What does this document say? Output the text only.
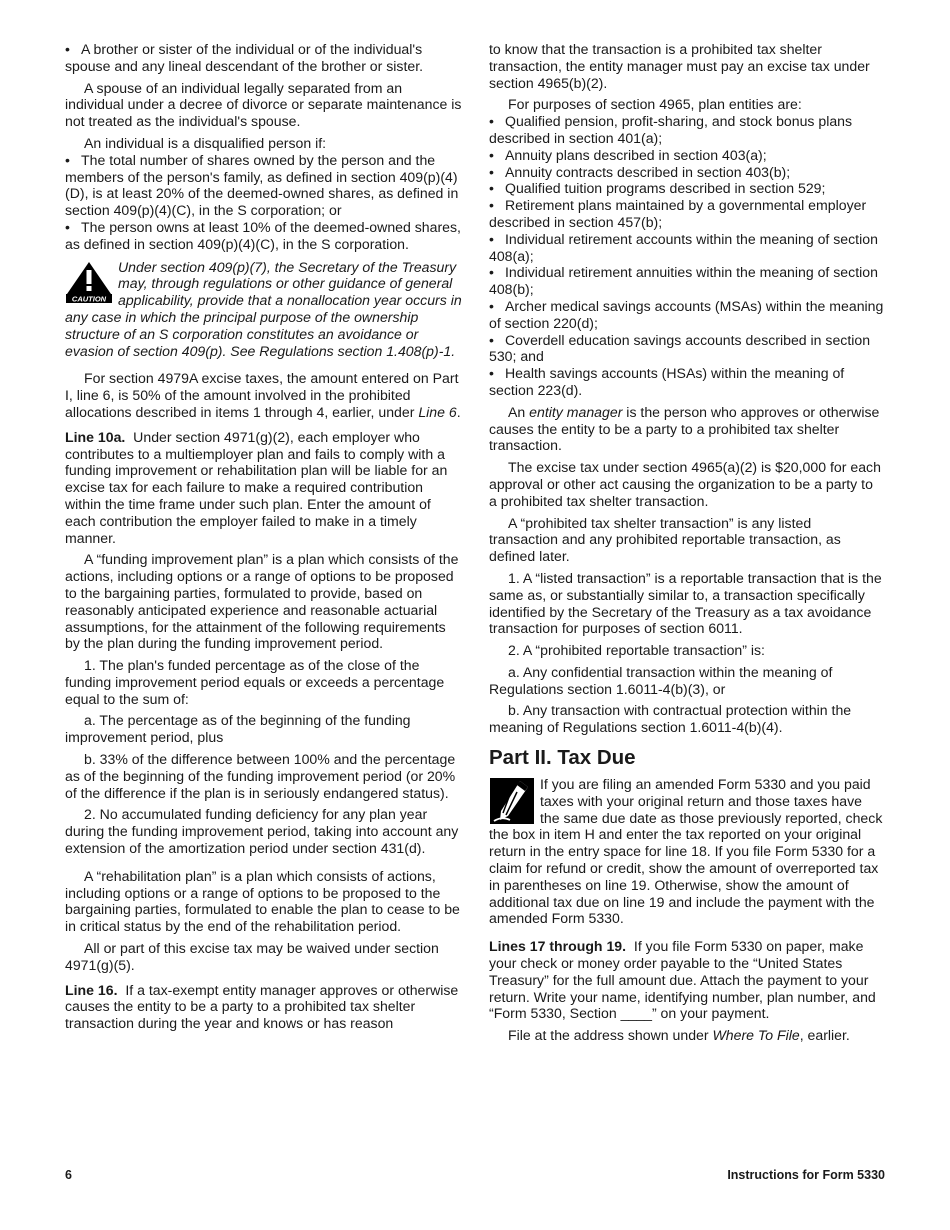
• A brother or sister of the individual or of the individual's spouse and any lineal descendant of the brother or sister.

A spouse of an individual legally separated from an individual under a decree of divorce or separate maintenance is not treated as the individual's spouse.

An individual is a disqualified person if:

• The total number of shares owned by the person and the members of the person's family, as defined in section 409(p)(4)(D), is at least 20% of the deemed-owned shares, as defined in section 409(p)(4)(C), in the S corporation; or

• The person owns at least 10% of the deemed-owned shares, as defined in section 409(p)(4)(C), in the S corporation.

CAUTION
Under section 409(p)(7), the Secretary of the Treasury may, through regulations or other guidance of general applicability, provide that a nonallocation year occurs in any case in which the principal purpose of the ownership structure of an S corporation constitutes an avoidance or evasion of section 409(p). See Regulations section 1.408(p)-1.

For section 4979A excise taxes, the amount entered on Part I, line 6, is 50% of the amount involved in the prohibited allocations described in items 1 through 4, earlier, under Line 6.

Line 10a. Under section 4971(g)(2), each employer who contributes to a multiemployer plan and fails to comply with a funding improvement or rehabilitation plan will be liable for an excise tax for each failure to make a required contribution within the time frame under such plan. Enter the amount of each contribution the employer failed to make in a timely manner.

A “funding improvement plan” is a plan which consists of the actions, including options or a range of options to be proposed to the bargaining parties, formulated to provide, based on reasonably anticipated experience and reasonable actuarial assumptions, for the attainment of the following requirements by the plan during the funding improvement period.

1. The plan's funded percentage as of the close of the funding improvement period equals or exceeds a percentage equal to the sum of:

a. The percentage as of the beginning of the funding improvement period, plus

b. 33% of the difference between 100% and the percentage as of the beginning of the funding improvement period (or 20% of the difference if the plan is in seriously endangered status).

2. No accumulated funding deficiency for any plan year during the funding improvement period, taking into account any extension of the amortization period under section 431(d).

A “rehabilitation plan” is a plan which consists of actions, including options or a range of options to be proposed to the bargaining parties, formulated to enable the plan to cease to be in critical status by the end of the rehabilitation period.

All or part of this excise tax may be waived under section 4971(g)(5).

Line 16. If a tax-exempt entity manager approves or otherwise causes the entity to be a party to a prohibited tax shelter transaction during the year and knows or has reason

to know that the transaction is a prohibited tax shelter transaction, the entity manager must pay an excise tax under section 4965(b)(2).

For purposes of section 4965, plan entities are:

• Qualified pension, profit-sharing, and stock bonus plans described in section 401(a);

• Annuity plans described in section 403(a);

• Annuity contracts described in section 403(b);

• Qualified tuition programs described in section 529;

• Retirement plans maintained by a governmental employer described in section 457(b);

• Individual retirement accounts within the meaning of section 408(a);

• Individual retirement annuities within the meaning of section 408(b);

• Archer medical savings accounts (MSAs) within the meaning of section 220(d);

• Coverdell education savings accounts described in section 530; and

• Health savings accounts (HSAs) within the meaning of section 223(d).

An entity manager is the person who approves or otherwise causes the entity to be a party to a prohibited tax shelter transaction.

The excise tax under section 4965(a)(2) is $20,000 for each approval or other act causing the organization to be a party to a prohibited tax shelter transaction.

A “prohibited tax shelter transaction” is any listed transaction and any prohibited reportable transaction, as defined later.

1. A “listed transaction” is a reportable transaction that is the same as, or substantially similar to, a transaction specifically identified by the Secretary of the Treasury as a tax avoidance transaction for purposes of section 6011.

2. A “prohibited reportable transaction” is:

a. Any confidential transaction within the meaning of Regulations section 1.6011-4(b)(3), or

b. Any transaction with contractual protection within the meaning of Regulations section 1.6011-4(b)(4).

Part II. Tax Due
If you are filing an amended Form 5330 and you paid taxes with your original return and those taxes have the same due date as those previously reported, check the box in item H and enter the tax reported on your original return in the entry space for line 18. If you file Form 5330 for a claim for refund or credit, show the amount of overreported tax in parentheses on line 19. Otherwise, show the amount of additional tax due on line 19 and include the payment with the amended Form 5330.

Lines 17 through 19. If you file Form 5330 on paper, make your check or money order payable to the “United States Treasury” for the full amount due. Attach the payment to your return. Write your name, identifying number, plan number, and “Form 5330, Section ____” on your payment.

File at the address shown under Where To File, earlier.

6	Instructions for Form 5330
